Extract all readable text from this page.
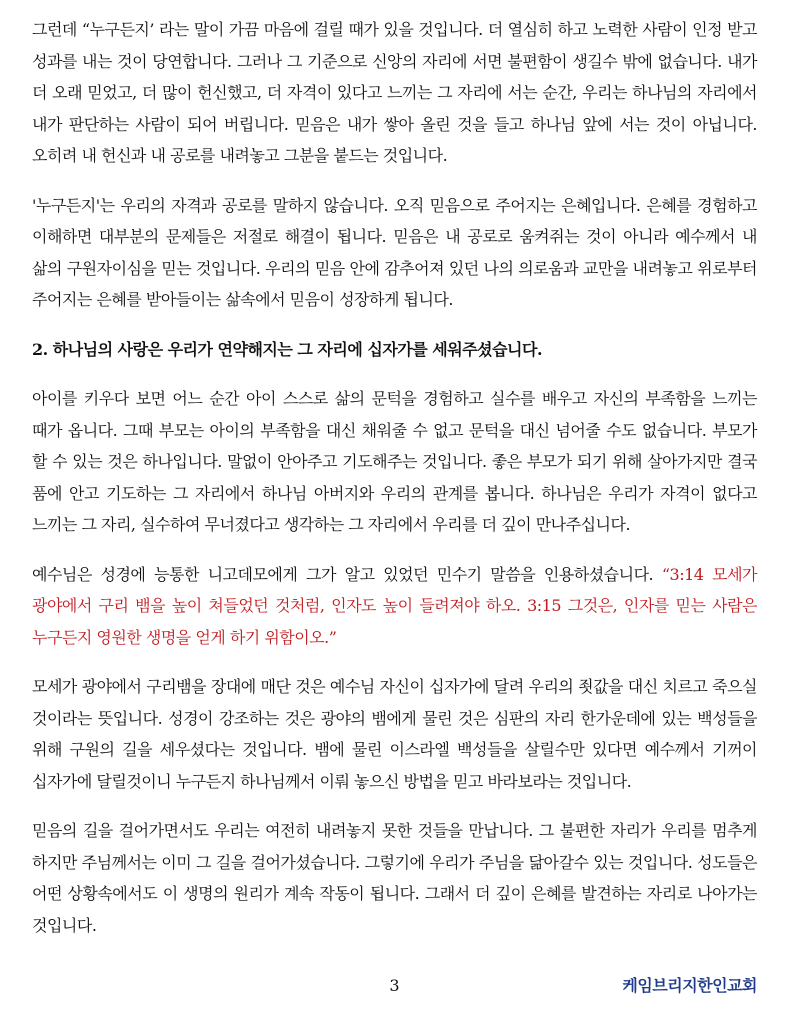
그런데 “누구든지’ 라는 말이 가끔 마음에 걸릴 때가 있을 것입니다. 더 열심히 하고 노력한 사람이 인정 받고 성과를 내는 것이 당연합니다. 그러나 그 기준으로 신앙의 자리에 서면 불편함이 생길수 밖에 없습니다. 내가 더 오래 믿었고, 더 많이 헌신했고, 더 자격이 있다고 느끼는 그 자리에 서는 순간, 우리는 하나님의 자리에서 내가 판단하는 사람이 되어 버립니다. 믿음은 내가 쌓아 올린 것을 들고 하나님 앞에 서는 것이 아닙니다. 오히려 내 헌신과 내 공로를 내려놓고 그분을 붙드는 것입니다.

'누구든지'는 우리의 자격과 공로를 말하지 않습니다. 오직 믿음으로 주어지는 은혜입니다. 은혜를 경험하고 이해하면 대부분의 문제들은 저절로 해결이 됩니다. 믿음은 내 공로로 움켜쥐는 것이 아니라 예수께서 내 삶의 구원자이심을 믿는 것입니다. 우리의 믿음 안에 감추어져 있던 나의 의로움과 교만을 내려놓고 위로부터 주어지는 은혜를 받아들이는 삶속에서 믿음이 성장하게 됩니다.

2. 하나님의 사랑은 우리가 연약해지는 그 자리에 십자가를 세워주셨습니다.

아이를 키우다 보면 어느 순간 아이 스스로 삶의 문턱을 경험하고 실수를 배우고 자신의 부족함을 느끼는 때가 옵니다. 그때 부모는 아이의 부족함을 대신 채워줄 수 없고 문턱을 대신 넘어줄 수도 없습니다. 부모가 할 수 있는 것은 하나입니다. 말없이 안아주고 기도해주는 것입니다. 좋은 부모가 되기 위해 살아가지만 결국 품에 안고 기도하는 그 자리에서 하나님 아버지와 우리의 관계를 봅니다. 하나님은 우리가 자격이 없다고 느끼는 그 자리, 실수하여 무너졌다고 생각하는 그 자리에서 우리를 더 깊이 만나주십니다.

예수님은 성경에 능통한 니고데모에게 그가 알고 있었던 민수기 말씀을 인용하셨습니다. “3:14 모세가 광야에서 구리 뱀을 높이 쳐들었던 것처럼, 인자도 높이 들려져야 하오. 3:15 그것은, 인자를 믿는 사람은 누구든지 영원한 생명을 얻게 하기 위함이오.”

모세가 광야에서 구리뱀을 장대에 매단 것은 예수님 자신이 십자가에 달려 우리의 죗값을 대신 치르고 죽으실 것이라는 뜻입니다. 성경이 강조하는 것은 광야의 뱀에게 물린 것은 심판의 자리 한가운데에 있는 백성들을 위해 구원의 길을 세우셨다는 것입니다. 뱀에 물린 이스라엘 백성들을 살릴수만 있다면 예수께서 기꺼이 십자가에 달릴것이니 누구든지 하나님께서 이뤄 놓으신 방법을 믿고 바라보라는 것입니다.

믿음의 길을 걸어가면서도 우리는 여전히 내려놓지 못한 것들을 만납니다. 그 불편한 자리가 우리를 멈추게 하지만 주님께서는 이미 그 길을 걸어가셨습니다. 그렇기에 우리가 주님을 닮아갈수 있는 것입니다. 성도들은 어떤 상황속에서도 이 생명의 원리가 계속 작동이 됩니다. 그래서 더 깊이 은혜를 발견하는 자리로 나아가는 것입니다.

3	케임브리지한인교회
